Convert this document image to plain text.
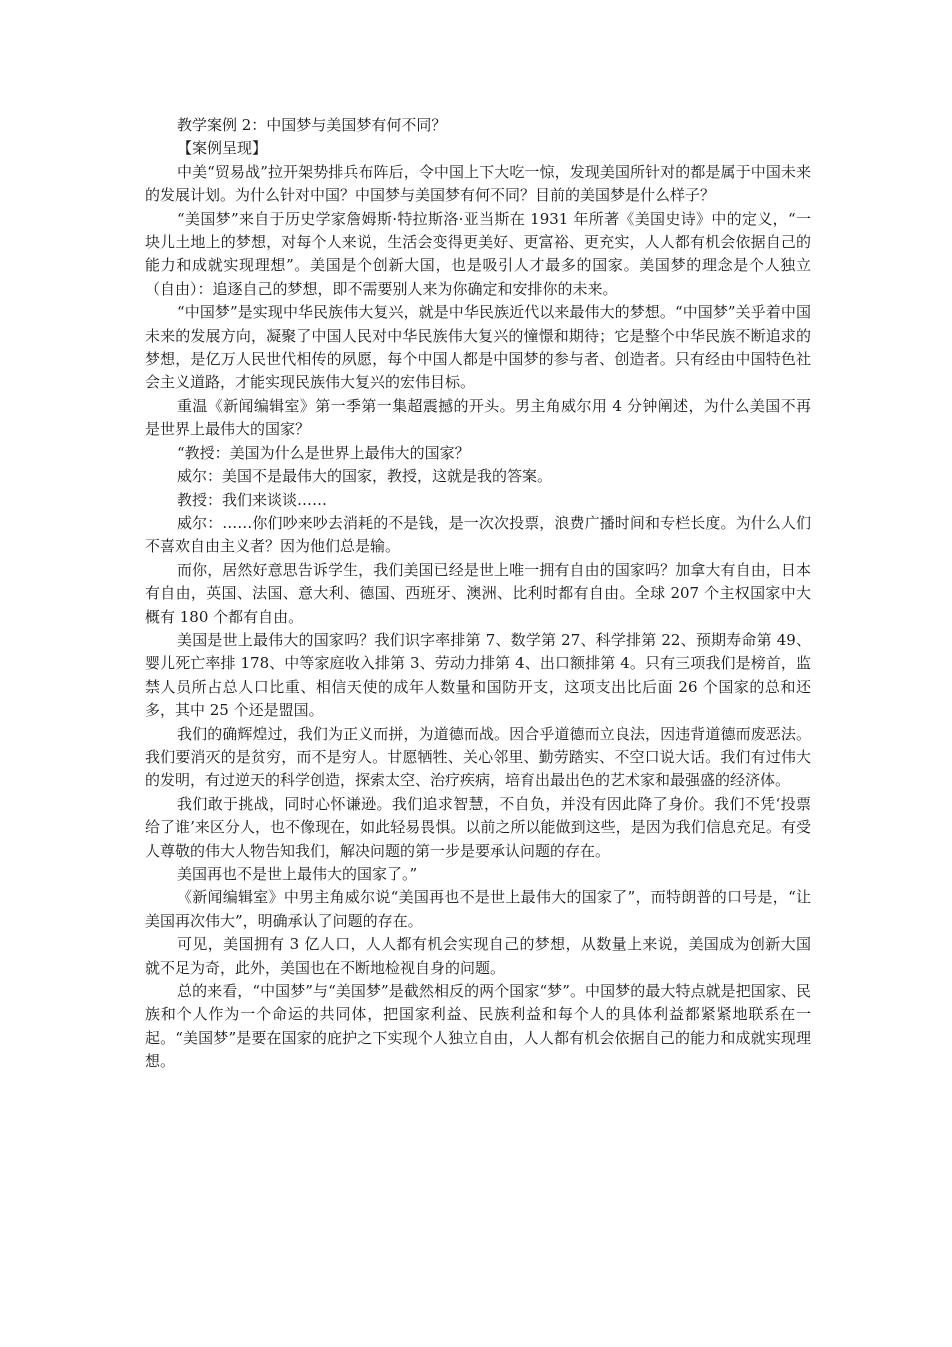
教学案例 2：中国梦与美国梦有何不同？

【案例呈现】

中美“贸易战”拉开架势排兵布阵后，令中国上下大吃一惊，发现美国所针对的都是属于中国未来的发展计划。为什么针对中国？中国梦与美国梦有何不同？目前的美国梦是什么样子？

“美国梦”来自于历史学家詹姆斯·特拉斯洛·亚当斯在 1931 年所著《美国史诗》中的定义，“一块儿土地上的梦想，对每个人来说，生活会变得更美好、更富裕、更充实，人人都有机会依据自己的能力和成就实现理想”。美国是个创新大国，也是吸引人才最多的国家。美国梦的理念是个人独立（自由）：追逐自己的梦想，即不需要别人来为你确定和安排你的未来。

“中国梦”是实现中华民族伟大复兴，就是中华民族近代以来最伟大的梦想。“中国梦”关乎着中国未来的发展方向，凝聚了中国人民对中华民族伟大复兴的憧憬和期待；它是整个中华民族不断追求的梦想，是亿万人民世代相传的夙愿，每个中国人都是中国梦的参与者、创造者。只有经由中国特色社会主义道路，才能实现民族伟大复兴的宏伟目标。

重温《新闻编辑室》第一季第一集超震撼的开头。男主角威尔用 4 分钟阐述，为什么美国不再是世界上最伟大的国家？

“教授：美国为什么是世界上最伟大的国家？

威尔：美国不是最伟大的国家，教授，这就是我的答案。

教授：我们来谈谈……

威尔：……你们吵来吵去消耗的不是钱，是一次次投票，浪费广播时间和专栏长度。为什么人们不喜欢自由主义者？因为他们总是输。

而你，居然好意思告诉学生，我们美国已经是世上唯一拥有自由的国家吗？加拿大有自由，日本有自由，英国、法国、意大利、德国、西班牙、澳洲、比利时都有自由。全球 207 个主权国家中大概有 180 个都有自由。

美国是世上最伟大的国家吗？我们识字率排第 7、数学第 27、科学排第 22、预期寿命第 49、婴儿死亡率排 178、中等家庭收入排第 3、劳动力排第 4、出口额排第 4。只有三项我们是榜首，监禁人员所占总人口比重、相信天使的成年人数量和国防开支，这项支出比后面 26 个国家的总和还多，其中 25 个还是盟国。

我们的确辉煌过，我们为正义而拼，为道德而战。因合乎道德而立良法，因违背道德而废恶法。我们要消灭的是贫穷，而不是穷人。甘愿牺牲、关心邻里、勤劳踏实、不空口说大话。我们有过伟大的发明，有过逆天的科学创造，探索太空、治疗疾病，培育出最出色的艺术家和最强盛的经济体。

我们敢于挑战，同时心怀谦逊。我们追求智慧，不自负，并没有因此降了身价。我们不凭‘投票给了谁’来区分人，也不像现在，如此轻易畏惧。以前之所以能做到这些，是因为我们信息充足。有受人尊敬的伟大人物告知我们，解决问题的第一步是要承认问题的存在。

美国再也不是世上最伟大的国家了。”

《新闻编辑室》中男主角威尔说“美国再也不是世上最伟大的国家了”，而特朗普的口号是，“让美国再次伟大”，明确承认了问题的存在。

可见，美国拥有 3 亿人口，人人都有机会实现自己的梦想，从数量上来说，美国成为创新大国就不足为奇，此外，美国也在不断地检视自身的问题。

总的来看，“中国梦”与“美国梦”是截然相反的两个国家“梦”。中国梦的最大特点就是把国家、民族和个人作为一个命运的共同体，把国家利益、民族利益和每个人的具体利益都紧紧地联系在一起。“美国梦”是要在国家的庇护之下实现个人独立自由，人人都有机会依据自己的能力和成就实现理想。
